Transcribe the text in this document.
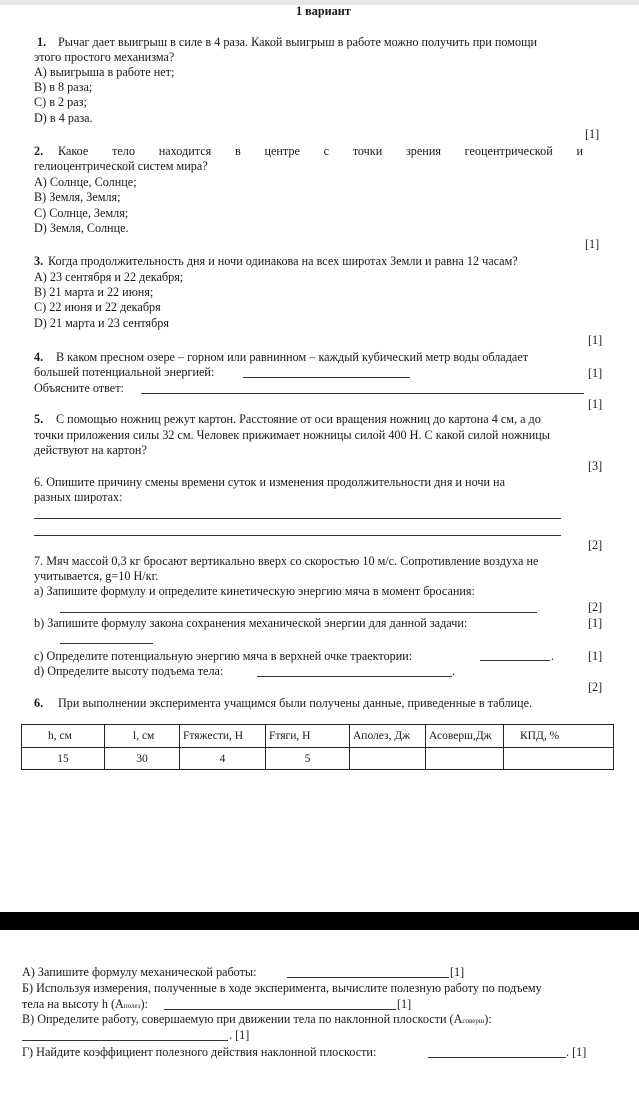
1 вариант
1. Рычаг дает выигрыш в силе в 4 раза. Какой выигрыш в работе можно получить при помощи
этого простого механизма?
A) выигрыша в работе нет;
B) в 8 раза;
C) в 2 раз;
D) в 4 раза.
[1]
2. Какое тело находится в центре с точки зрения геоцентрической и
гелиоцентрической систем мира?
A) Солнце, Солнце;
B) Земля, Земля;
C) Солнце, Земля;
D) Земля, Солнце.
[1]
3. Когда продолжительность дня и ночи одинакова на всех широтах Земли и равна 12 часам?
A) 23 сентября и 22 декабря;
B) 21 марта и 22 июня;
C) 22 июня и 22 декабря
D) 21 марта и 23 сентября
[1]
4. В каком пресном озере – горном или равнинном – каждый кубический метр воды обладает
большей потенциальной энергией:	[1]
Объясните ответ:
[1]
5. С помощью ножниц режут картон. Расстояние от оси вращения ножниц до картона 4 см, а до
точки приложения силы 32 см. Человек прижимает ножницы силой 400 Н. С какой силой ножницы
действуют на картон?
[3]
6. Опишите причину смены времени суток и изменения продолжительности дня и ночи на
разных широтах:
[2]
7. Мяч массой 0,3 кг бросают вертикально вверх со скоростью 10 м/с. Сопротивление воздуха не
учитывается, g=10 Н/кг.
a) Запишите формулу и определите кинетическую энергию мяча в момент бросания:
[2]
b) Запишите формулу закона сохранения механической энергии для данной задачи:	[1]
c) Определите потенциальную энергию мяча в верхней очке траектории:	.	[1]
d) Определите высоту подъема тела:	.
[2]
6. При выполнении эксперимента учащимся были получены данные, приведенные в таблице.
h, см	l, см	Fтяжести, Н	Fтяги, Н	Аполез, Дж	Асоверш,Дж	КПД, %
15	30	4	5			
А) Запишите формулу механической работы:	[1]
Б) Используя измерения, полученные в ходе эксперимента, вычислите полезную работу по подъему
тела на высоту h (Аполез):	[1]
В) Определите работу, совершаемую при движении тела по наклонной плоскости (Асоверш):
. [1]
Г) Найдите коэффициент полезного действия наклонной плоскости:	. [1]
